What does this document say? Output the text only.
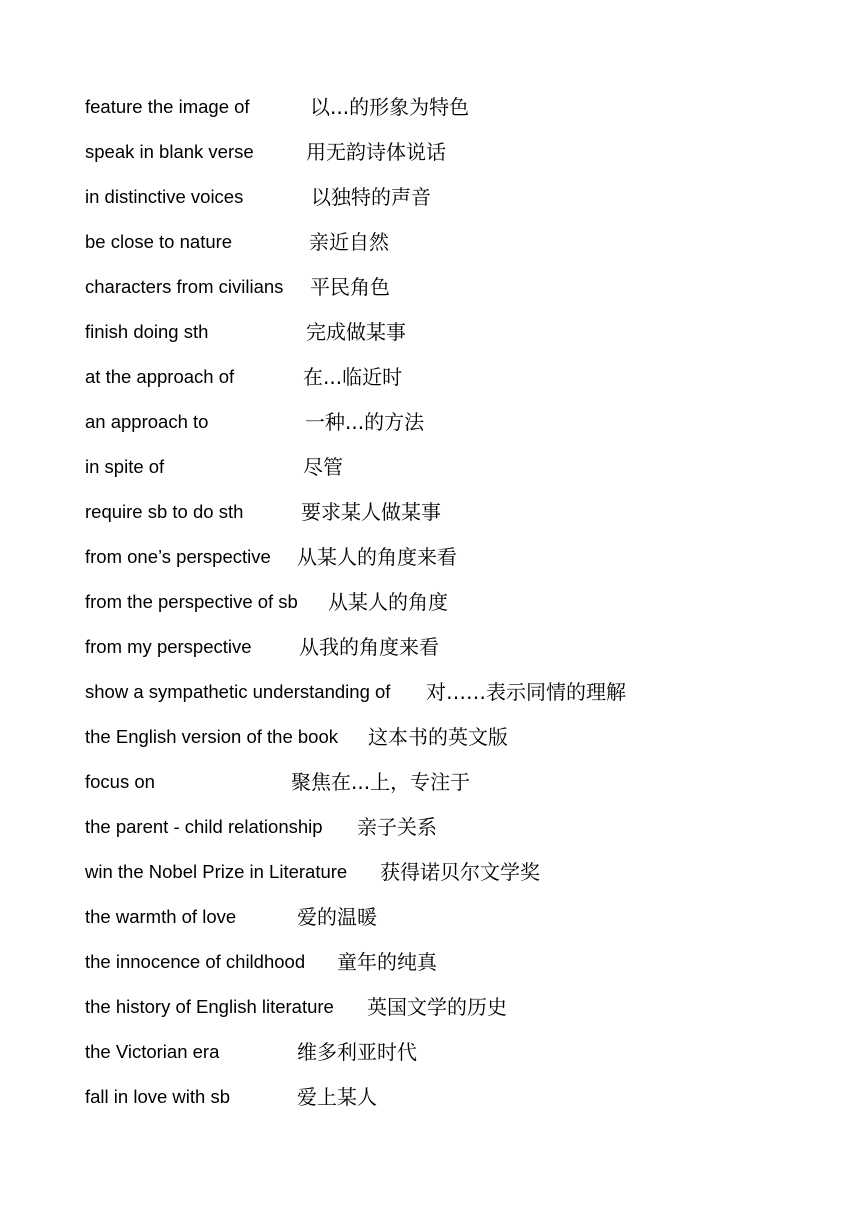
feature the image of	以...的形象为特色
speak in blank verse	用无韵诗体说话
in distinctive voices	以独特的声音
be close to nature	亲近自然
characters from civilians 平民角色
finish doing sth	完成做某事
at the approach of	在...临近时
an approach to	一种...的方法
in spite of	尽管
require sb to do sth	要求某人做某事
from one’s perspective 从某人的角度来看
from the perspective of sb 从某人的角度
from my perspective 从我的角度来看
show a sympathetic understanding of 对……表示同情的理解
the English version of the book 这本书的英文版
focus on	聚焦在...上，专注于
the parent - child relationship 亲子关系
win the Nobel Prize in Literature 获得诺贝尔文学奖
the warmth of love	爱的温暖
the innocence of childhood 童年的纯真
the history of English literature 英国文学的历史
the Victorian era	维多利亚时代
fall in love with sb	爱上某人
